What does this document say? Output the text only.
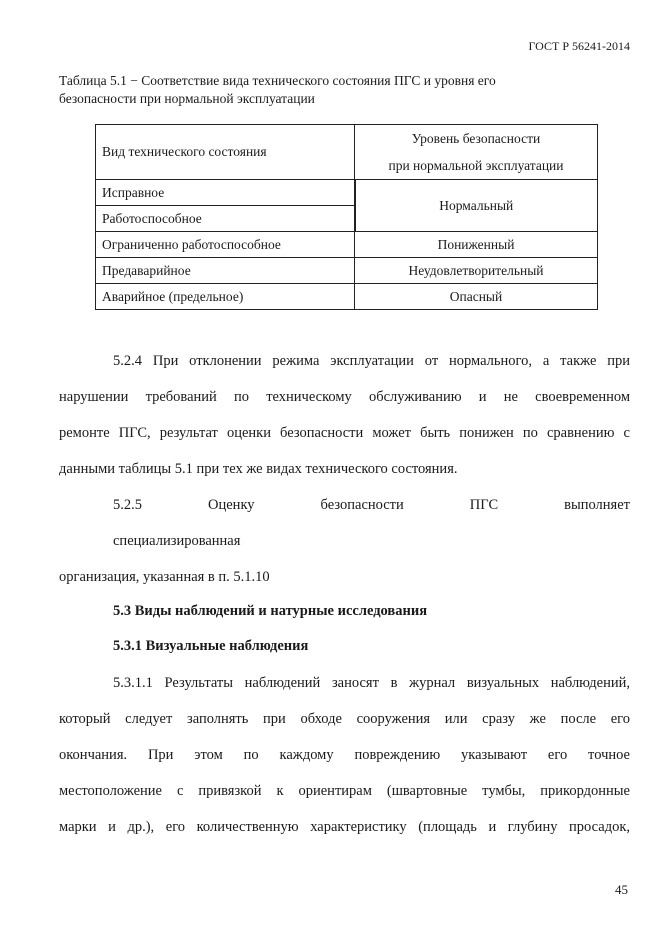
ГОСТ Р 56241-2014
Таблица 5.1 − Соответствие вида технического состояния ПГС и уровня его
безопасности при нормальной эксплуатации
Вид технического состояния	Уровень безопасности
при нормальной эксплуатации

Исправное	Нормальный
Работоспособное	
Ограниченно работоспособное	Пониженный
Предаварийное	Неудовлетворительный
Аварийное (предельное)	Опасный
5.2.4 При отклонении режима эксплуатации от нормального, а также при
нарушении требований по техническому обслуживанию и не своевременном
ремонте ПГС, результат оценки безопасности может быть понижен по сравнению с
данными таблицы 5.1 при тех же видах технического состояния.
5.2.5 Оценку безопасности ПГС выполняет специализированная
организация, указанная в п. 5.1.10
5.3 Виды наблюдений и натурные исследования
5.3.1 Визуальные наблюдения
5.3.1.1 Результаты наблюдений заносят в журнал визуальных наблюдений,
который следует заполнять при обходе сооружения или сразу же после его
окончания. При этом по каждому повреждению указывают его точное
местоположение с привязкой к ориентирам (швартовные тумбы, прикордонные
марки и др.), его количественную характеристику (площадь и глубину просадок,
45
